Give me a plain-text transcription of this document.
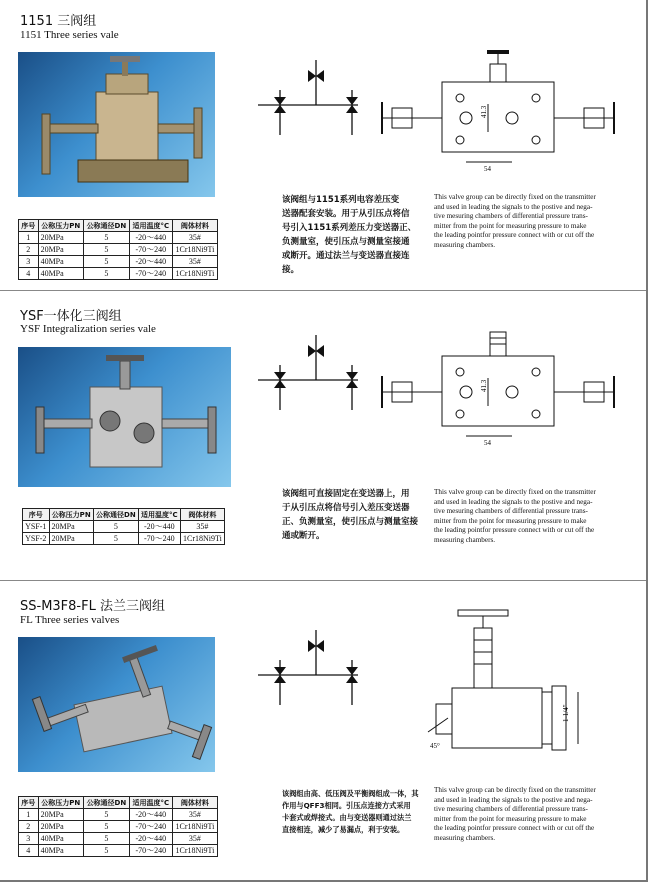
1151 三阀组
1151 Three series vale
41.3
54
序号	公称压力PN	公称通径DN	适用温度°C	阀体材料
1	20MPa	5	-20～440	35#
2	20MPa	5	-70～240	1Cr18Ni9Ti
3	40MPa	5	-20～440	35#
4	40MPa	5	-70～240	1Cr18Ni9Ti
该阀组与1151系列电容差压变
送器配套安装。用于从引压点将信
号引入1151系列差压力变送器正、
负测量室，使引压点与测量室接通
或断开。通过法兰与变送器直接连
接。
This valve group can be directly fixed on the transmitter
and used in leading the signals to the postive and nega-
tive mesuring chambers of differential pressure trans-
mitter from the point for measuring pressure to make
the leading pointfor pressure connect with or cut off the
measuring chambers.
YSF一体化三阀组
YSF Integralization series vale
41.3
54
序号	公称压力PN	公称通径DN	适用温度°C	阀体材料
YSF-1	20MPa	5	-20～440	35#
YSF-2	20MPa	5	-70～240	1Cr18Ni9Ti
该阀组可直接固定在变送器上，用
于从引压点将信号引入差压变送器
正、负测量室，使引压点与测量室接
通或断开。
This valve group can be directly fixed on the transmitter
and used in leading the signals to the postive and nega-
tive mesuring chambers of differential pressure trans-
mitter from the point for measuring pressure to make
the leading pointfor pressure connect with or cut off the
measuring chambers.
SS-M3F8-FL 法兰三阀组
FL Three series valves
1-1/4"
45°
序号	公称压力PN	公称通径DN	适用温度°C	阀体材料
1	20MPa	5	-20～440	35#
2	20MPa	5	-70～240	1Cr18Ni9Ti
3	40MPa	5	-20～440	35#
4	40MPa	5	-70～240	1Cr18Ni9Ti
该阀组由高、低压阀及平衡阀组成一体，其
作用与QFF3相同。引压点连接方式采用
卡套式或焊接式。由与变送器则通过法兰
直接相连，减少了易漏点，利于安装。
This valve group can be directly fixed on the transmitter
and used in leading the signals to the postive and nega-
tive mesuring chambers of differential pressure trans-
mitter from the point for measuring pressure to make
the leading pointfor pressure connect with or cut off the
measuring chambers.
